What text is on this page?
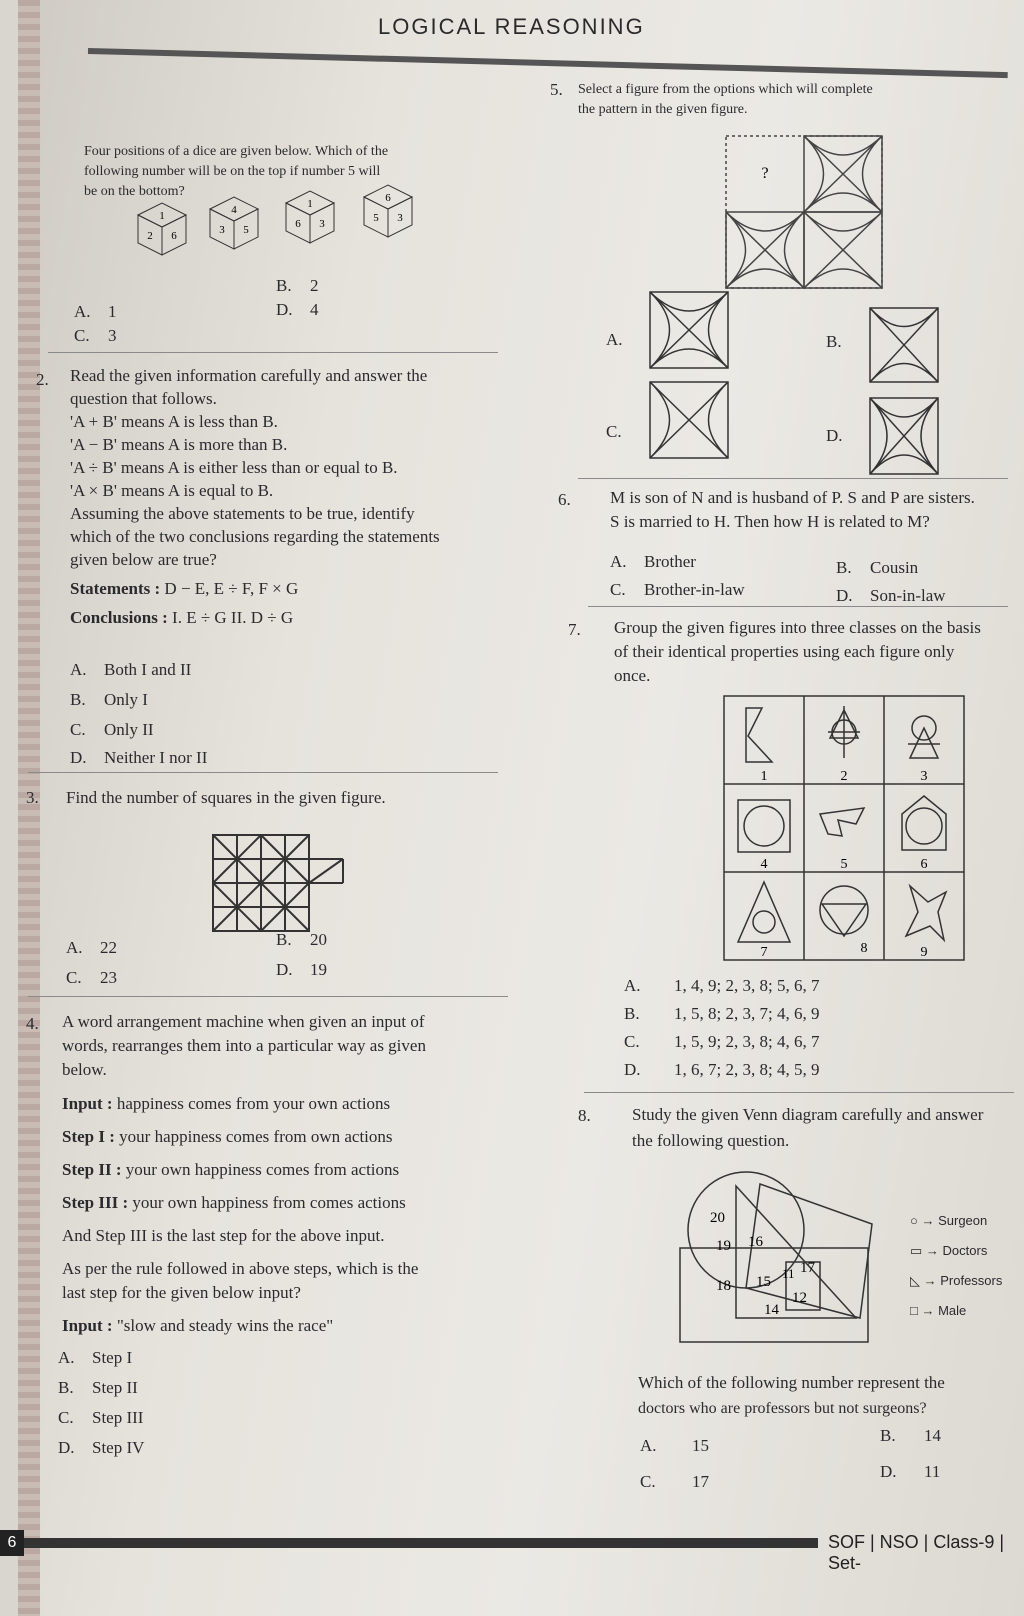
LOGICAL REASONING
Four positions of a dice are given below. Which of the
following number will be on the top if number 5 will
be on the bottom?
1
2 6
4
3 5
1
6 3
6
5 3
A. 1
B. 2
C. 3
D. 4
2. Read the given information carefully and answer the
question that follows.
'A + B' means A is less than B.
'A − B' means A is more than B.
'A ÷ B' means A is either less than or equal to B.
'A × B' means A is equal to B.
Assuming the above statements to be true, identify
which of the two conclusions regarding the statements
given below are true?
Statements : D − E, E ÷ F, F × G
Conclusions : I. E ÷ G II. D ÷ G
A. Both I and II
B. Only I
C. Only II
D. Neither I nor II
3. Find the number of squares in the given figure.
A. 22	B. 20
C. 23	D. 19
4. A word arrangement machine when given an input of
words, rearranges them into a particular way as given
below.
Input : happiness comes from your own actions
Step I : your happiness comes from own actions
Step II : your own happiness comes from actions
Step III : your own happiness from comes actions
And Step III is the last step for the above input.
As per the rule followed in above steps, which is the
last step for the given below input?
Input : "slow and steady wins the race"
A. Step I
B. Step II
C. Step III
D. Step IV
5. Select a figure from the options which will complete
the pattern in the given figure.
?
A.	B.
C.	D.
6. M is son of N and is husband of P. S and P are sisters.
S is married to H. Then how H is related to M?
A. Brother	B. Cousin
C. Brother-in-law	D. Son-in-law
7. Group the given figures into three classes on the basis
of their identical properties using each figure only
once.
1	2	3
4	5	6
7	8	9
A. 1, 4, 9; 2, 3, 8; 5, 6, 7
B. 1, 5, 8; 2, 3, 7; 4, 6, 9
C. 1, 5, 9; 2, 3, 8; 4, 6, 7
D. 1, 6, 7; 2, 3, 8; 4, 5, 9
8. Study the given Venn diagram carefully and answer
the following question.
20
19 16
18 15
11 17
14
12
○ → Surgeon
▭ → Doctors
◺ → Professors
□ → Male
Which of the following number represent the
doctors who are professors but not surgeons?
A. 15
B. 14
C. 17
D. 11
SOF | NSO | Class-9 | Set-
6
